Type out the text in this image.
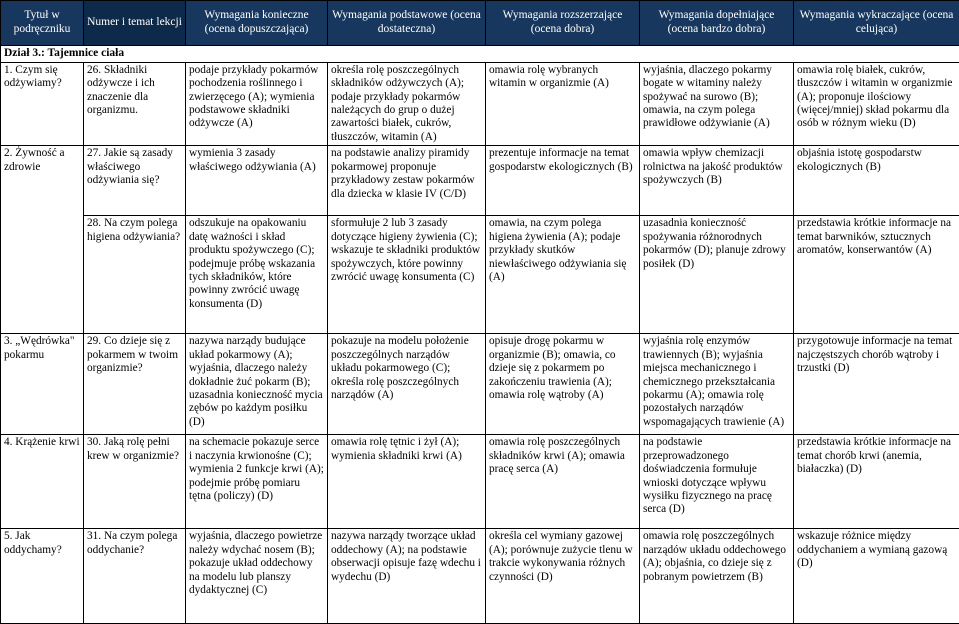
Tytuł w podręczniku	Numer i temat lekcji	Wymagania konieczne (ocena dopuszczająca)	Wymagania podstawowe (ocena dostateczna)	Wymagania rozszerzające (ocena dobra)	Wymagania dopełniające (ocena bardzo dobra)	Wymagania wykraczające (ocena celująca)
Dział 3.: Tajemnice ciała						
1. Czym się odżywiamy?	26. Składniki odżywcze i ich znaczenie dla organizmu.	podaje przykłady pokarmów pochodzenia roślinnego i zwierzęcego (A); wymienia podstawowe składniki odżywcze (A)	określa rolę poszczególnych składników odżywczych (A); podaje przykłady pokarmów należących do grup o dużej zawartości białek, cukrów, tłuszczów, witamin (A)	omawia rolę wybranych witamin w organizmie (A)	wyjaśnia, dlaczego pokarmy bogate w witaminy należy spożywać na surowo (B); omawia, na czym polega prawidłowe odżywianie (A)	omawia rolę białek, cukrów, tłuszczów i witamin w organizmie (A); proponuje ilościowy (więcej/mniej) skład pokarmu dla osób w różnym wieku (D)
2. Żywność a zdrowie	27. Jakie są zasady właściwego odżywiania się?	wymienia 3 zasady właściwego odżywiania (A)	na podstawie analizy piramidy pokarmowej proponuje przykładowy zestaw pokarmów dla dziecka w klasie IV (C/D)	prezentuje informacje na temat gospodarstw ekologicznych (B)	omawia wpływ chemizacji rolnictwa na jakość produktów spożywczych (B)	objaśnia istotę gospodarstw ekologicznych (B)
	28. Na czym polega higiena odżywiania?	odszukuje na opakowaniu datę ważności i skład produktu spożywczego (C); podejmuje próbę wskazania tych składników, które powinny zwrócić uwagę konsumenta (D)	sformułuje 2 lub 3 zasady dotyczące higieny żywienia (C); wskazuje te składniki produktów spożywczych, które powinny zwrócić uwagę konsumenta (C)	omawia, na czym polega higiena żywienia (A); podaje przykłady skutków niewłaściwego odżywiania się (A)	uzasadnia konieczność spożywania różnorodnych pokarmów (D); planuje zdrowy posiłek (D)	przedstawia krótkie informacje na temat barwników, sztucznych aromatów, konserwantów (A)
3. „Wędrówka" pokarmu	29. Co dzieje się z pokarmem w twoim organizmie?	nazywa narządy budujące układ pokarmowy (A); wyjaśnia, dlaczego należy dokładnie żuć pokarm (B); uzasadnia konieczność mycia zębów po każdym posiłku (D)	pokazuje na modelu położenie poszczególnych narządów układu pokarmowego (C); określa rolę poszczególnych narządów (A)	opisuje drogę pokarmu w organizmie (B); omawia, co dzieje się z pokarmem po zakończeniu trawienia (A); omawia rolę wątroby (A)	wyjaśnia rolę enzymów trawiennych (B); wyjaśnia miejsca mechanicznego i chemicznego przekształcania pokarmu (A); omawia rolę pozostałych narządów wspomagających trawienie (A)	przygotowuje informacje na temat najczęstszych chorób wątroby i trzustki (D)
4. Krążenie krwi	30. Jaką rolę pełni krew w organizmie?	na schemacie pokazuje serce i naczynia krwionośne (C); wymienia 2 funkcje krwi (A); podejmie próbę pomiaru tętna (policzy) (D)	omawia rolę tętnic i żył (A); wymienia składniki krwi (A)	omawia rolę poszczególnych składników krwi (A); omawia pracę serca (A)	na podstawie przeprowadzonego doświadczenia formułuje wnioski dotyczące wpływu wysiłku fizycznego na pracę serca (D)	przedstawia krótkie informacje na temat chorób krwi (anemia, białaczka) (D)
5. Jak oddychamy?	31. Na czym polega oddychanie?	wyjaśnia, dlaczego powietrze należy wdychać nosem (B); pokazuje układ oddechowy na modelu lub planszy dydaktycznej (C)	nazywa narządy tworzące układ oddechowy (A); na podstawie obserwacji opisuje fazę wdechu i wydechu (D)	określa cel wymiany gazowej (A); porównuje zużycie tlenu w trakcie wykonywania różnych czynności (D)	omawia rolę poszczególnych narządów układu oddechowego (A); objaśnia, co dzieje się z pobranym powietrzem (B)	wskazuje różnice między oddychaniem a wymianą gazową (D)
